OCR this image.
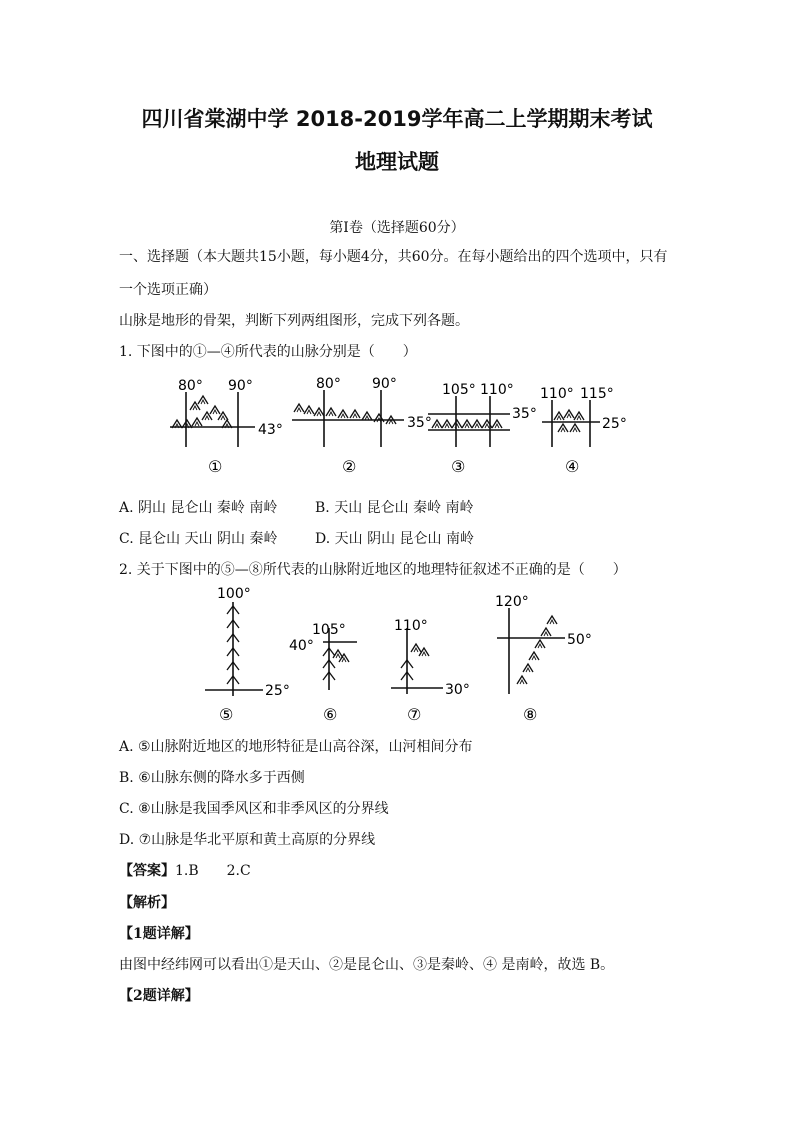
四川省棠湖中学 2018-2019学年高二上学期期末考试
地理试题
第Ⅰ卷（选择题60分）
一、选择题（本大题共15小题，每小题4分，共60分。在每小题给出的四个选项中，只有
一个选项正确）
山脉是地形的骨架，判断下列两组图形，完成下列各题。
1. 下图中的①—④所代表的山脉分别是（　　）
80° 90°
43°
①
80° 90°
35°
②
105° 110°
35°
③
110° 115°
25°
④
A. 阴山 昆仑山 秦岭 南岭	B. 天山 昆仑山 秦岭 南岭
C. 昆仑山 天山 阴山 秦岭	D. 天山 阴山 昆仑山 南岭
2. 关于下图中的⑤—⑧所代表的山脉附近地区的地理特征叙述不正确的是（　　）
100°
25°
⑤
105°
40°
⑥
110°
30°
⑦
120°
50°
⑧
A. ⑤山脉附近地区的地形特征是山高谷深，山河相间分布
B. ⑥山脉东侧的降水多于西侧
C. ⑧山脉是我国季风区和非季风区的分界线
D. ⑦山脉是华北平原和黄土高原的分界线
【答案】1.B　　2.C
【解析】
【1题详解】
由图中经纬网可以看出①是天山、②是昆仑山、③是秦岭、④ 是南岭，故选 B。
【2题详解】
